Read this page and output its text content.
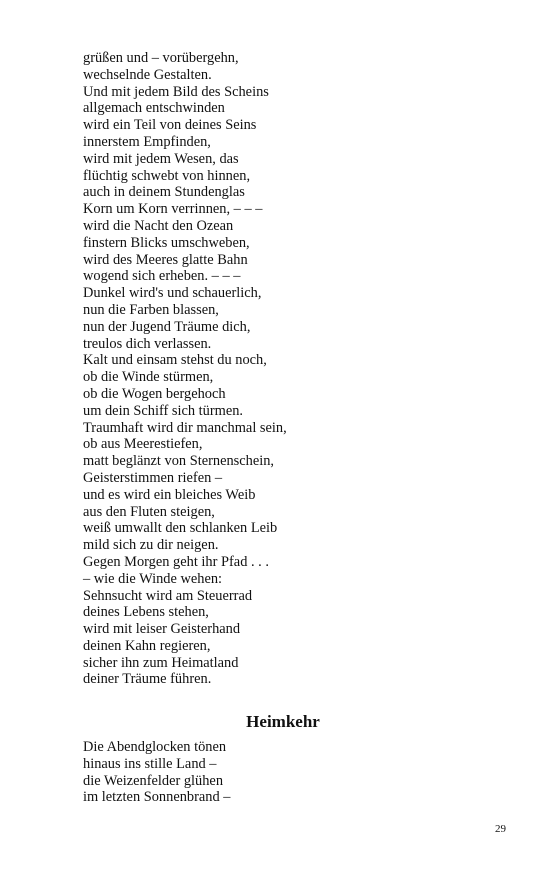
grüßen und – vorübergehn,
wechselnde Gestalten.
Und mit jedem Bild des Scheins
allgemach entschwinden
wird ein Teil von deines Seins
innerstem Empfinden,
wird mit jedem Wesen, das
flüchtig schwebt von hinnen,
auch in deinem Stundenglas
Korn um Korn verrinnen, – – –
wird die Nacht den Ozean
finstern Blicks umschweben,
wird des Meeres glatte Bahn
wogend sich erheben. – – –
Dunkel wird's und schauerlich,
nun die Farben blassen,
nun der Jugend Träume dich,
treulos dich verlassen.
Kalt und einsam stehst du noch,
ob die Winde stürmen,
ob die Wogen bergehoch
um dein Schiff sich türmen.
Traumhaft wird dir manchmal sein,
ob aus Meerestiefen,
matt beglänzt von Sternenschein,
Geisterstimmen riefen –
und es wird ein bleiches Weib
aus den Fluten steigen,
weiß umwallt den schlanken Leib
mild sich zu dir neigen.
Gegen Morgen geht ihr Pfad . . .
– wie die Winde wehen:
Sehnsucht wird am Steuerrad
deines Lebens stehen,
wird mit leiser Geisterhand
deinen Kahn regieren,
sicher ihn zum Heimatland
deiner Träume führen.
Heimkehr
Die Abendglocken tönen
hinaus ins stille Land –
die Weizenfelder glühen
im letzten Sonnenbrand –
29
